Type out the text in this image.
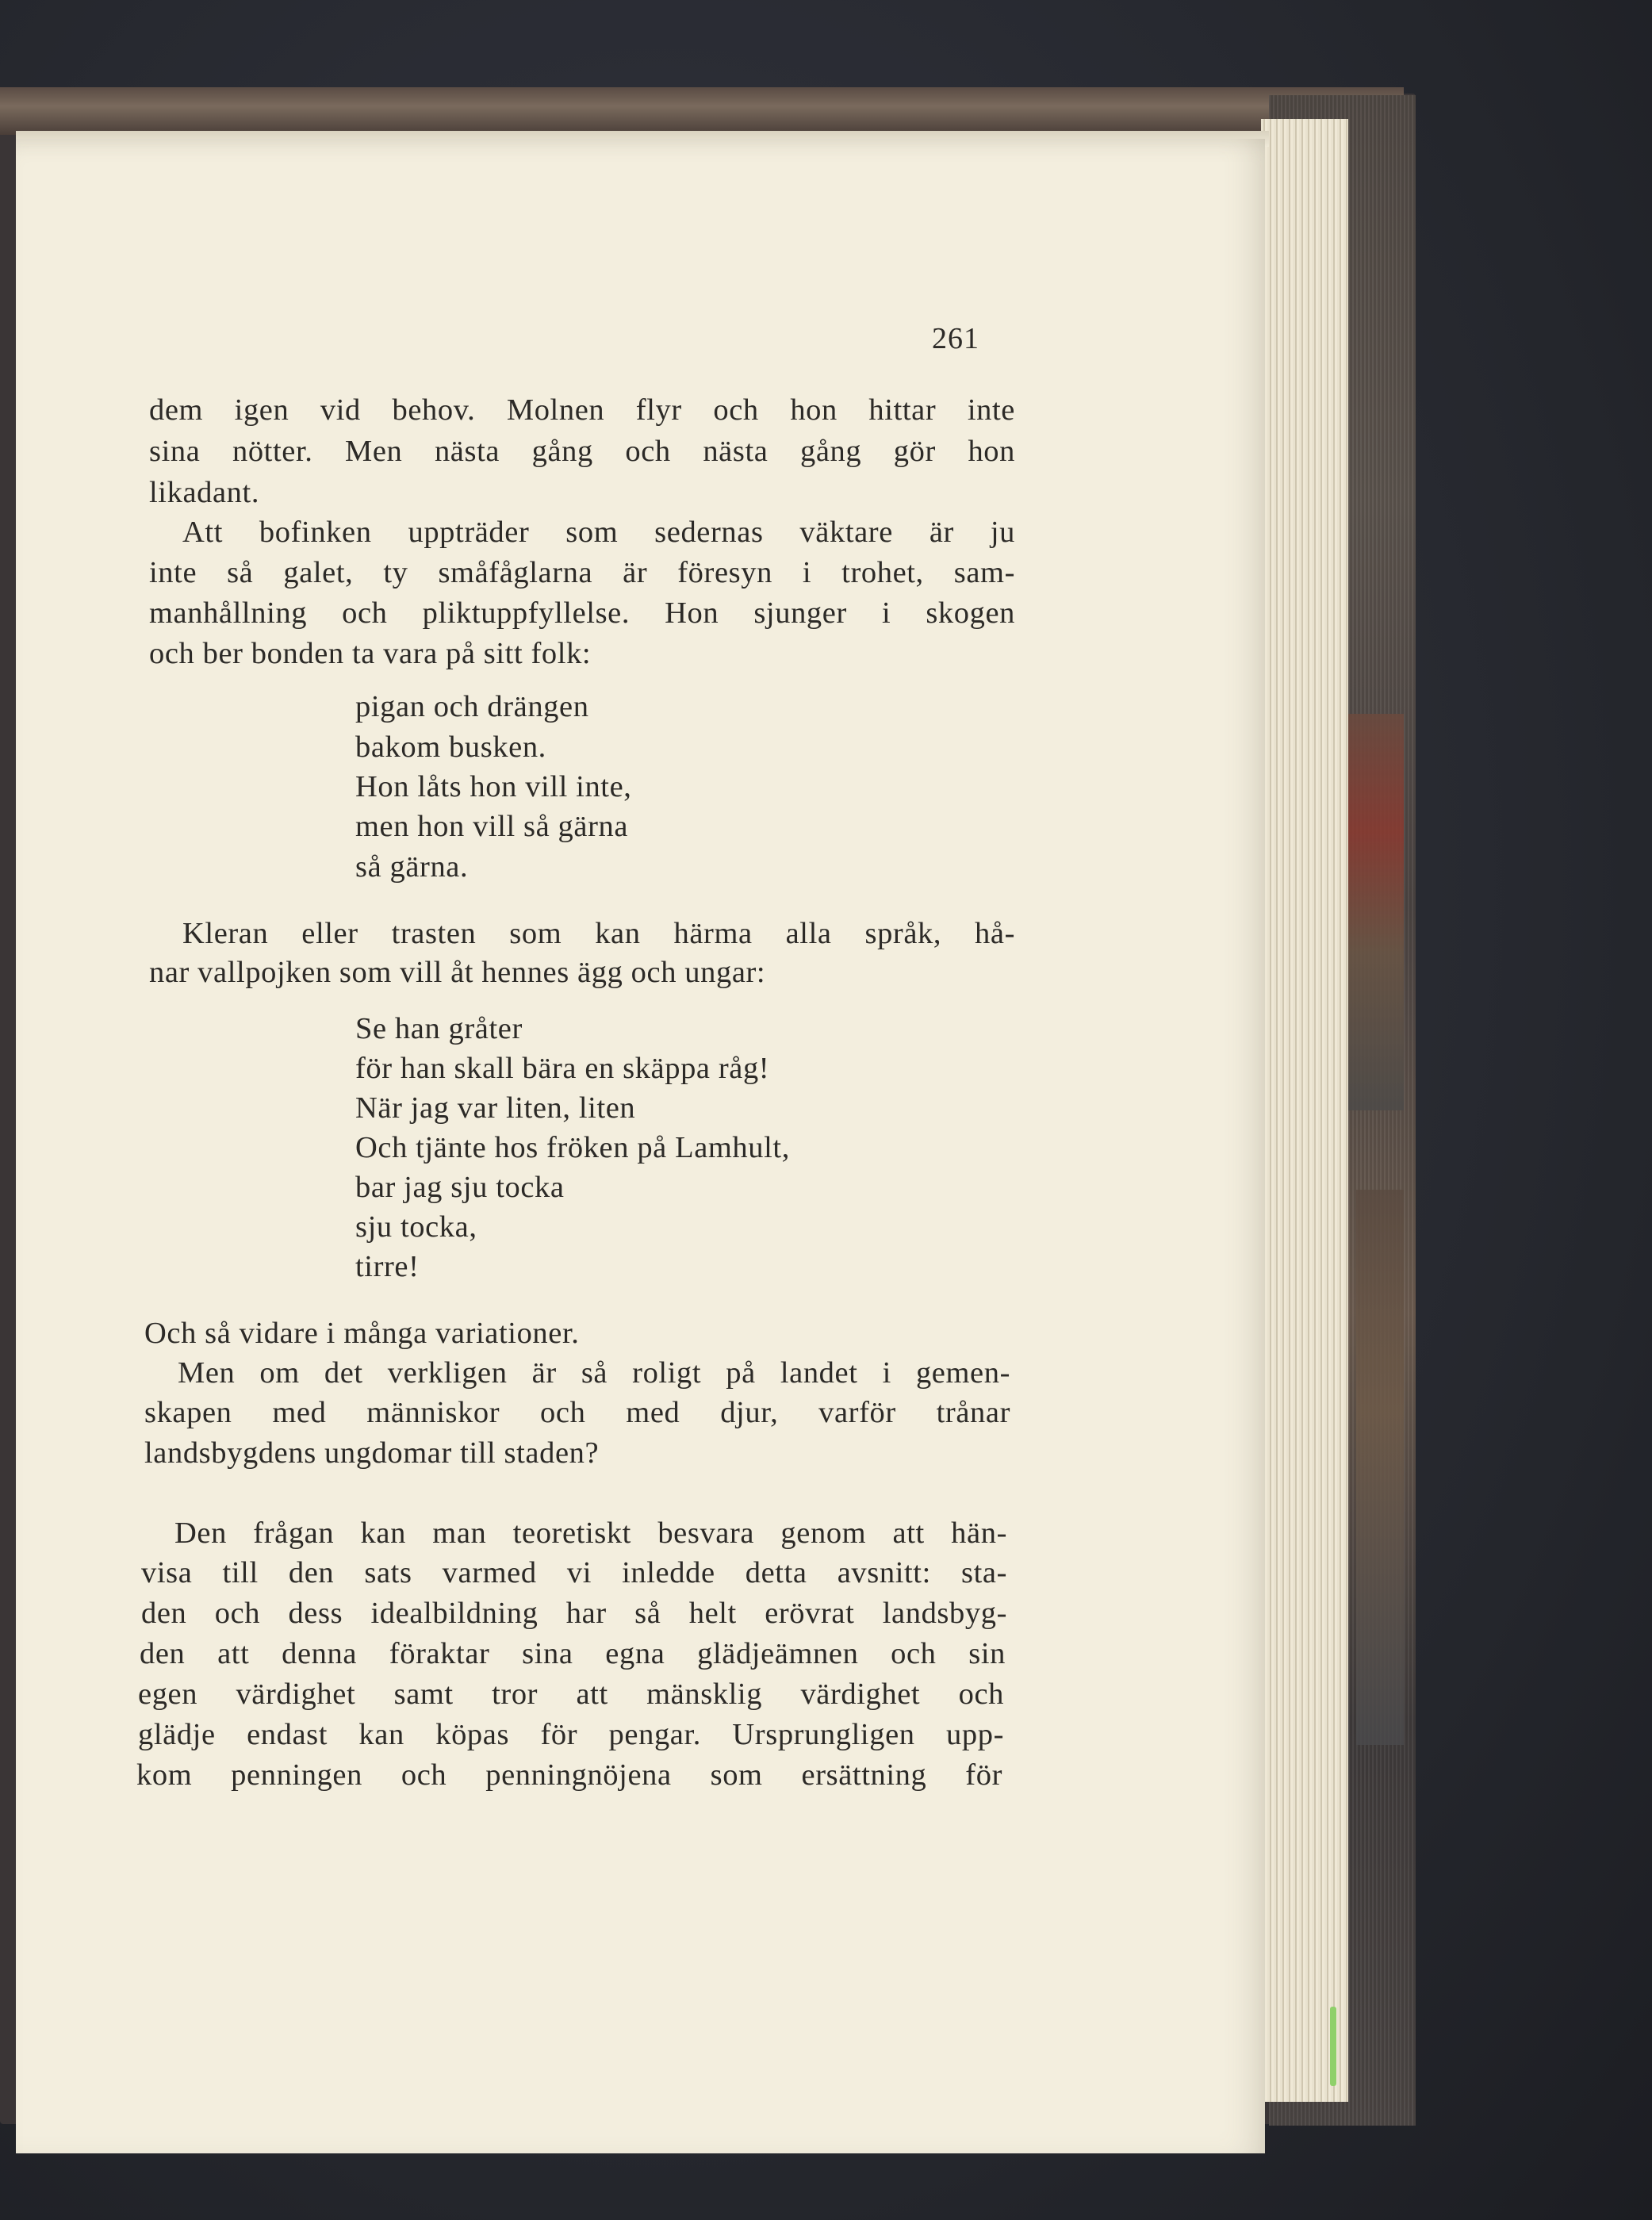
261
dem igen vid behov. Molnen flyr och hon hittar inte
sina nötter. Men nästa gång och nästa gång gör hon
likadant.
Att bofinken uppträder som sedernas väktare är ju
inte så galet, ty småfåglarna är föresyn i trohet, sam-
manhållning och pliktuppfyllelse. Hon sjunger i skogen
och ber bonden ta vara på sitt folk:
pigan och drängen
bakom busken.
Hon låts hon vill inte,
men hon vill så gärna
så gärna.
Kleran eller trasten som kan härma alla språk, hå-
nar vallpojken som vill åt hennes ägg och ungar:
Se han gråter
för han skall bära en skäppa råg!
När jag var liten, liten
Och tjänte hos fröken på Lamhult,
bar jag sju tocka
sju tocka,
tirre!
Och så vidare i många variationer.
Men om det verkligen är så roligt på landet i gemen-
skapen med människor och med djur, varför trånar
landsbygdens ungdomar till staden?
Den frågan kan man teoretiskt besvara genom att hän-
visa till den sats varmed vi inledde detta avsnitt: sta-
den och dess idealbildning har så helt erövrat landsbyg-
den att denna föraktar sina egna glädjeämnen och sin
egen värdighet samt tror att mänsklig värdighet och
glädje endast kan köpas för pengar. Ursprungligen upp-
kom penningen och penningnöjena som ersättning för
